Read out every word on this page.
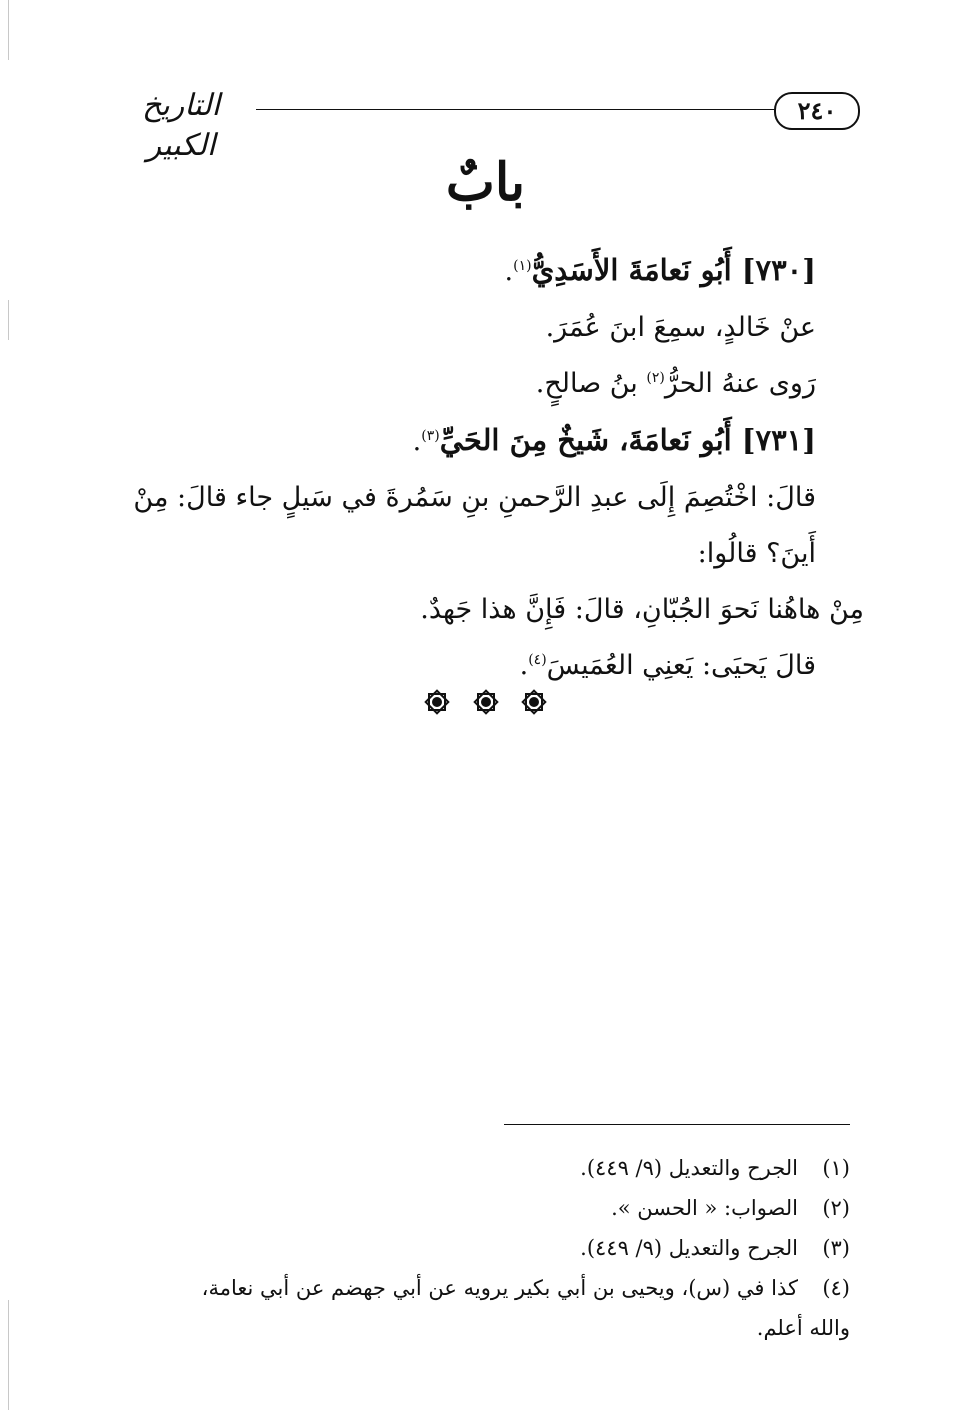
٢٤٠
التاريخ الكبير
بابٌ

[٧٣٠] أَبُو نَعامَةَ الأَسَدِيُّ$^{(١)}$.

عنْ خَالدٍ، سمِعَ ابنَ عُمَرَ.

رَوى عنهُ الحرُّ$^{(٢)}$ بنُ صالحٍ.

[٧٣١] أَبُو نَعامَةَ، شَيخٌ مِنَ الحَيِّ$^{(٣)}$.

قالَ: اخْتُصِمَ إِلَى عبدِ الرَّحمنِ بنِ سَمُرةَ في سَيلٍ جاء قالَ: مِنْ أَينَ؟ قالُوا:

مِنْ هاهُنا نَحوَ الجُبّانِ، قالَ: فَإِنَّ هذا جَهدٌ.

قالَ يَحيَى: يَعنِي العُمَيسَ$^{(٤)}$.

(١)الجرح والتعديل (٩/ ٤٤٩).
(٢)الصواب: « الحسن ».
(٣)الجرح والتعديل (٩/ ٤٤٩).
(٤)كذا في (س)، ويحيى بن أبي بكير يرويه عن أبي جهضم عن أبي نعامة، والله أعلم.
